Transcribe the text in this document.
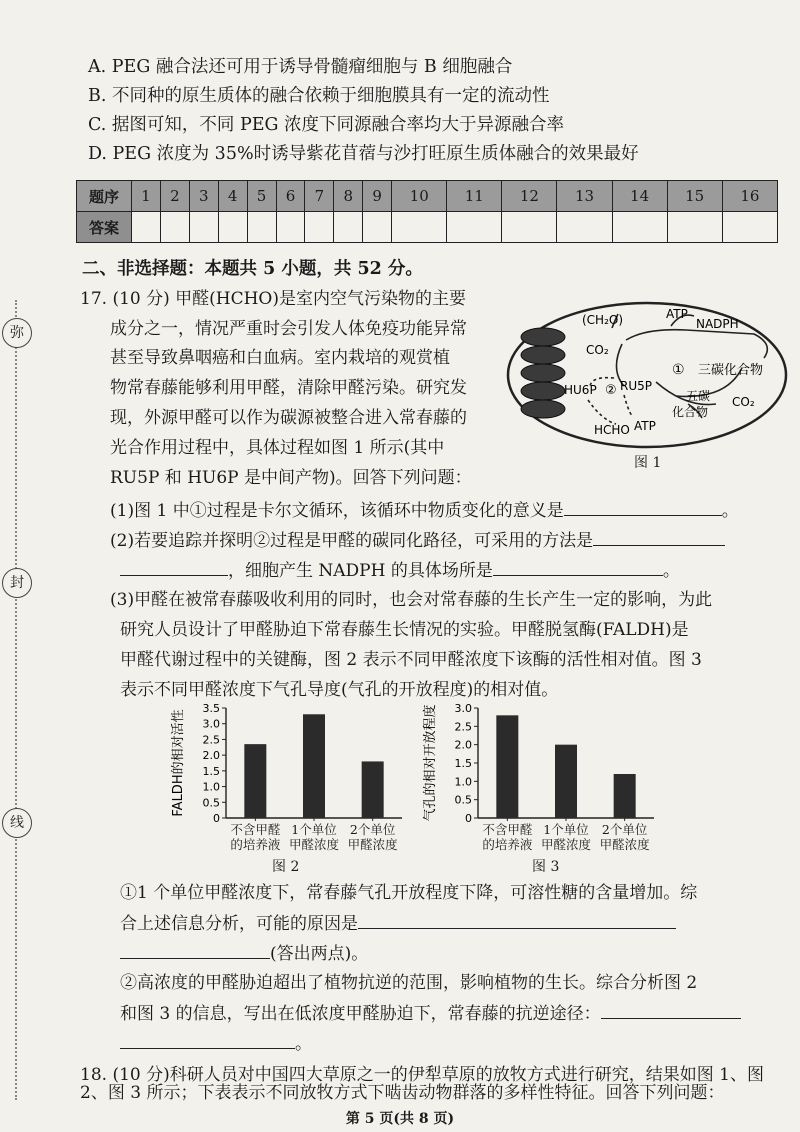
弥
封
线
A. PEG 融合法还可用于诱导骨髓瘤细胞与 B 细胞融合
B. 不同种的原生质体的融合依赖于细胞膜具有一定的流动性
C. 据图可知，不同 PEG 浓度下同源融合率均大于异源融合率
D. PEG 浓度为 35%时诱导紫花苜蓿与沙打旺原生质体融合的效果最好
题序	1	2	3	4	5	6	7	8	9	10	11	12	13	14	15	16
答案																
二、非选择题：本题共 5 小题，共 52 分。
17. (10 分) 甲醛(HCHO)是室内空气污染物的主要
成分之一，情况严重时会引发人体免疫功能异常
甚至导致鼻咽癌和白血病。室内栽培的观赏植
物常春藤能够利用甲醛，清除甲醛污染。研究发
现，外源甲醛可以作为碳源被整合进入常春藤的
光合作用过程中，具体过程如图 1 所示(其中
RU5P 和 HU6P 是中间产物)。回答下列问题：
(CH₂O)	ATP
NADPH
CO₂
① 三碳化合物
HU6P ② RU5P
五碳
化合物
CO₂
HCHO ATP
图 1
(1)图 1 中①过程是卡尔文循环，该循环中物质变化的意义是	。
(2)若要追踪并探明②过程是甲醛的碳同化路径，可采用的方法是
，细胞产生 NADPH 的具体场所是	。
(3)甲醛在被常春藤吸收利用的同时，也会对常春藤的生长产生一定的影响，为此
研究人员设计了甲醛胁迫下常春藤生长情况的实验。甲醛脱氢酶(FALDH)是
甲醛代谢过程中的关键酶，图 2 表示不同甲醛浓度下该酶的活性相对值。图 3
表示不同甲醛浓度下气孔导度(气孔的开放程度)的相对值。
FALDH的相对活性
0
0.5
1.0
1.5
2.0
2.5
3.0
3.5
图 2
气孔的相对开放程度 0
0.5
1.0
1.5
2.0
2.5
3.0
图 3
①1 个单位甲醛浓度下，常春藤气孔开放程度下降，可溶性糖的含量增加。综
合上述信息分析，可能的原因是
(答出两点)。
②高浓度的甲醛胁迫超出了植物抗逆的范围，影响植物的生长。综合分析图 2
和图 3 的信息，写出在低浓度甲醛胁迫下，常春藤的抗逆途径：
。
18. (10 分)科研人员对中国四大草原之一的伊犁草原的放牧方式进行研究，结果如图 1、图
2、图 3 所示；下表表示不同放牧方式下啮齿动物群落的多样性特征。回答下列问题：
第 5 页(共 8 页)
不含甲醛
的培养液
1个单位
甲醛浓度
2个单位
甲醛浓度
不含甲醛
的培养液
1个单位
甲醛浓度
2个单位
甲醛浓度
